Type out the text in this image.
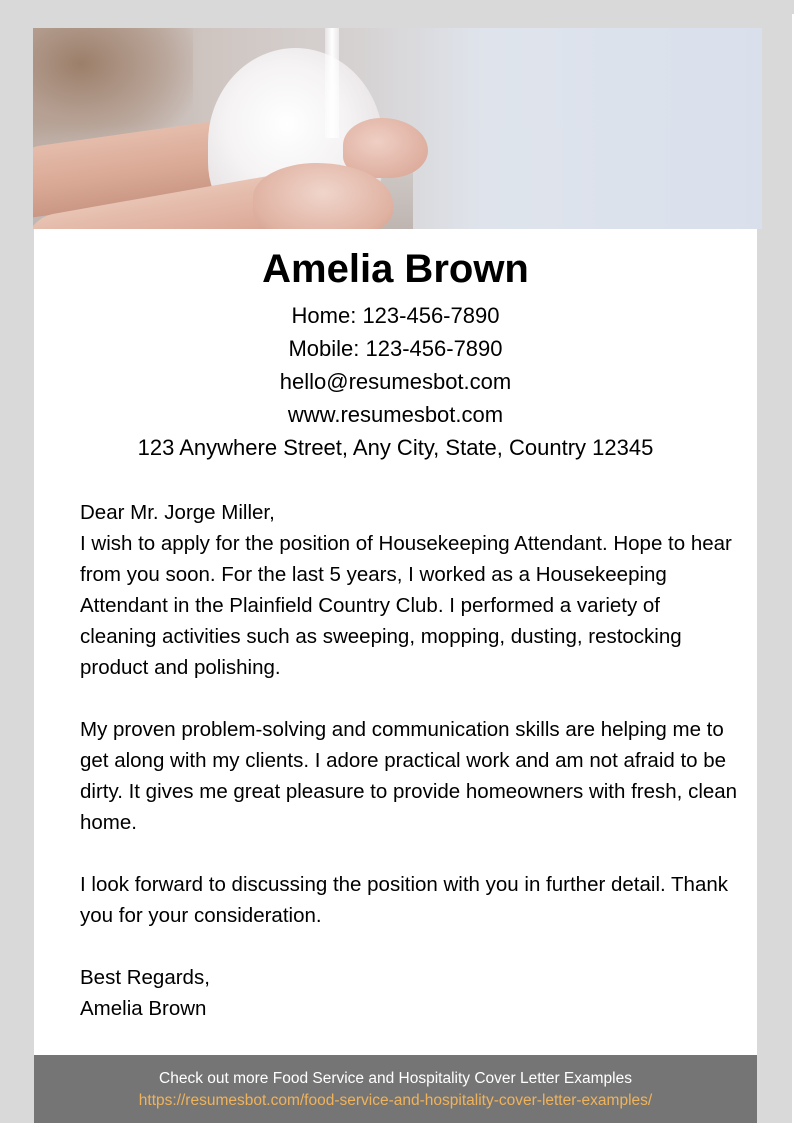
Amelia Brown

Home: 123-456-7890

Mobile: 123-456-7890

hello@resumesbot.com

www.resumesbot.com

123 Anywhere Street, Any City, State, Country 12345

Dear Mr. Jorge Miller,

I wish to apply for the position of Housekeeping Attendant. Hope to hear from you soon. For the last 5 years, I worked as a Housekeeping Attendant in the Plainfield Country Club. I performed a variety of cleaning activities such as sweeping, mopping, dusting, restocking product and polishing.

My proven problem-solving and communication skills are helping me to get along with my clients. I adore practical work and am not afraid to be dirty. It gives me great pleasure to provide homeowners with fresh, clean home.

I look forward to discussing the position with you in further detail. Thank you for your consideration.

Best Regards,

Amelia Brown

Check out more Food Service and Hospitality Cover Letter Examples
https://resumesbot.com/food-service-and-hospitality-cover-letter-examples/
